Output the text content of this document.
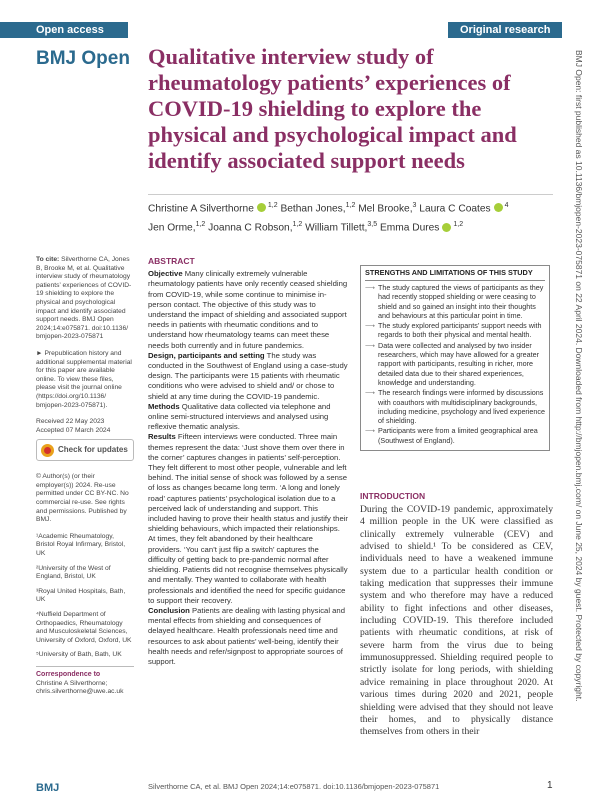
Open access	Original research
BMJ Open Qualitative interview study of rheumatology patients’ experiences of COVID-19 shielding to explore the physical and psychological impact and identify associated support needs
Christine A Silverthorne $^{1,2}$ Bethan Jones,$^{1,2}$ Mel Brooke,$^3$ Laura C Coates $^4$
Jen Orme,$^{1,2}$ Joanna C Robson,$^{1,2}$ William Tillett,$^{3,5}$ Emma Dures $^{1,2}$

To cite: Silverthorne CA, Jones B, Brooke M, et al. Qualitative interview study of rheumatology patients’ experiences of COVID-19 shielding to explore the physical and psychological impact and identify associated support needs. BMJ Open 2024;14:e075871. doi:10.1136/ bmjopen-2023-075871

► Prepublication history and additional supplemental material for this paper are available online. To view these files, please visit the journal online (https://doi.org/10.1136/ bmjopen-2023-075871).

Received 22 May 2023
Accepted 07 March 2024
Check for updates

© Author(s) (or their employer(s)) 2024. Re-use permitted under CC BY-NC. No commercial re-use. See rights and permissions. Published by BMJ.

¹Academic Rheumatology, Bristol Royal Infirmary, Bristol, UK
²University of the West of England, Bristol, UK
³Royal United Hospitals, Bath, UK
⁴Nuffield Department of Orthopaedics, Rheumatology and Musculoskeletal Sciences, University of Oxford, Oxford, UK
⁵University of Bath, Bath, UK
Correspondence to
Christine A Silverthorne; chris.silverthorne@uwe.ac.uk
ABSTRACT

Objective Many clinically extremely vulnerable rheumatology patients have only recently ceased shielding from COVID-19, while some continue to minimise in-person contact. The objective of this study was to understand the impact of shielding and associated support needs in patients with rheumatic conditions and to understand how rheumatology teams can meet these needs both currently and in future pandemics.

Design, participants and setting The study was conducted in the Southwest of England using a case-study design. The participants were 15 patients with rheumatic conditions who were advised to shield and/ or chose to shield at any time during the COVID-19 pandemic.

Methods Qualitative data collected via telephone and online semi-structured interviews and analysed using reflexive thematic analysis.

Results Fifteen interviews were conducted. Three main themes represent the data: ‘Just shove them over there in the corner’ captures changes in patients’ self-perception. They felt different to most other people, vulnerable and left behind. The initial sense of shock was followed by a sense of loss as changes became long term. ‘A long and lonely road’ captures patients’ psychological isolation due to a perceived lack of understanding and support. This included having to prove their health status and justify their shielding behaviours, which impacted their relationships. At times, they felt abandoned by their healthcare providers. ‘You can’t just flip a switch’ captures the difficulty of getting back to pre-pandemic normal after shielding. Patients did not recognise themselves physically and mentally. They wanted to collaborate with health professionals and identified the need for specific guidance to support their recovery.

Conclusion Patients are dealing with lasting physical and mental effects from shielding and consequences of delayed healthcare. Health professionals need time and resources to ask about patients’ well-being, identify their health needs and refer/signpost to appropriate sources of support.

STRENGTHS AND LIMITATIONS OF THIS STUDY
⟶ The study captured the views of participants as they had recently stopped shielding or were ceasing to shield and so gained an insight into their thoughts and behaviours at this particular point in time.
⟶ The study explored participants’ support needs with regards to both their physical and mental health.
⟶ Data were collected and analysed by two insider researchers, which may have allowed for a greater rapport with participants, resulting in richer, more detailed data due to their shared experiences, knowledge and understanding.
⟶ The research findings were informed by discussions with coauthors with multidisciplinary backgrounds, including medicine, psychology and lived experience of shielding.
⟶ Participants were from a limited geographical area (Southwest of England).
INTRODUCTION
During the COVID-19 pandemic, approximately 4 million people in the UK were classified as clinically extremely vulnerable (CEV) and advised to shield.¹ To be considered as CEV, individuals need to have a weakened immune system due to a particular health condition or taking medication that suppresses their immune system and who therefore may have a reduced ability to fight infections and other diseases, including COVID-19. This therefore included patients with rheumatic conditions, at risk of severe harm from the virus due to being immunosuppressed. Shielding required people to strictly isolate for long periods, with shielding advice remaining in place throughout 2020. At various times during 2020 and 2021, people shielding were advised that they should not leave their homes, and to physically distance themselves from others in their
BMJ	Silverthorne CA, et al. BMJ Open 2024;14:e075871. doi:10.1136/bmjopen-2023-075871	1
BMJ Open: first published as 10.1136/bmjopen-2023-075871 on 22 April 2024. Downloaded from http://bmjopen.bmj.com/ on June 25, 2024 by guest. Protected by copyright.
